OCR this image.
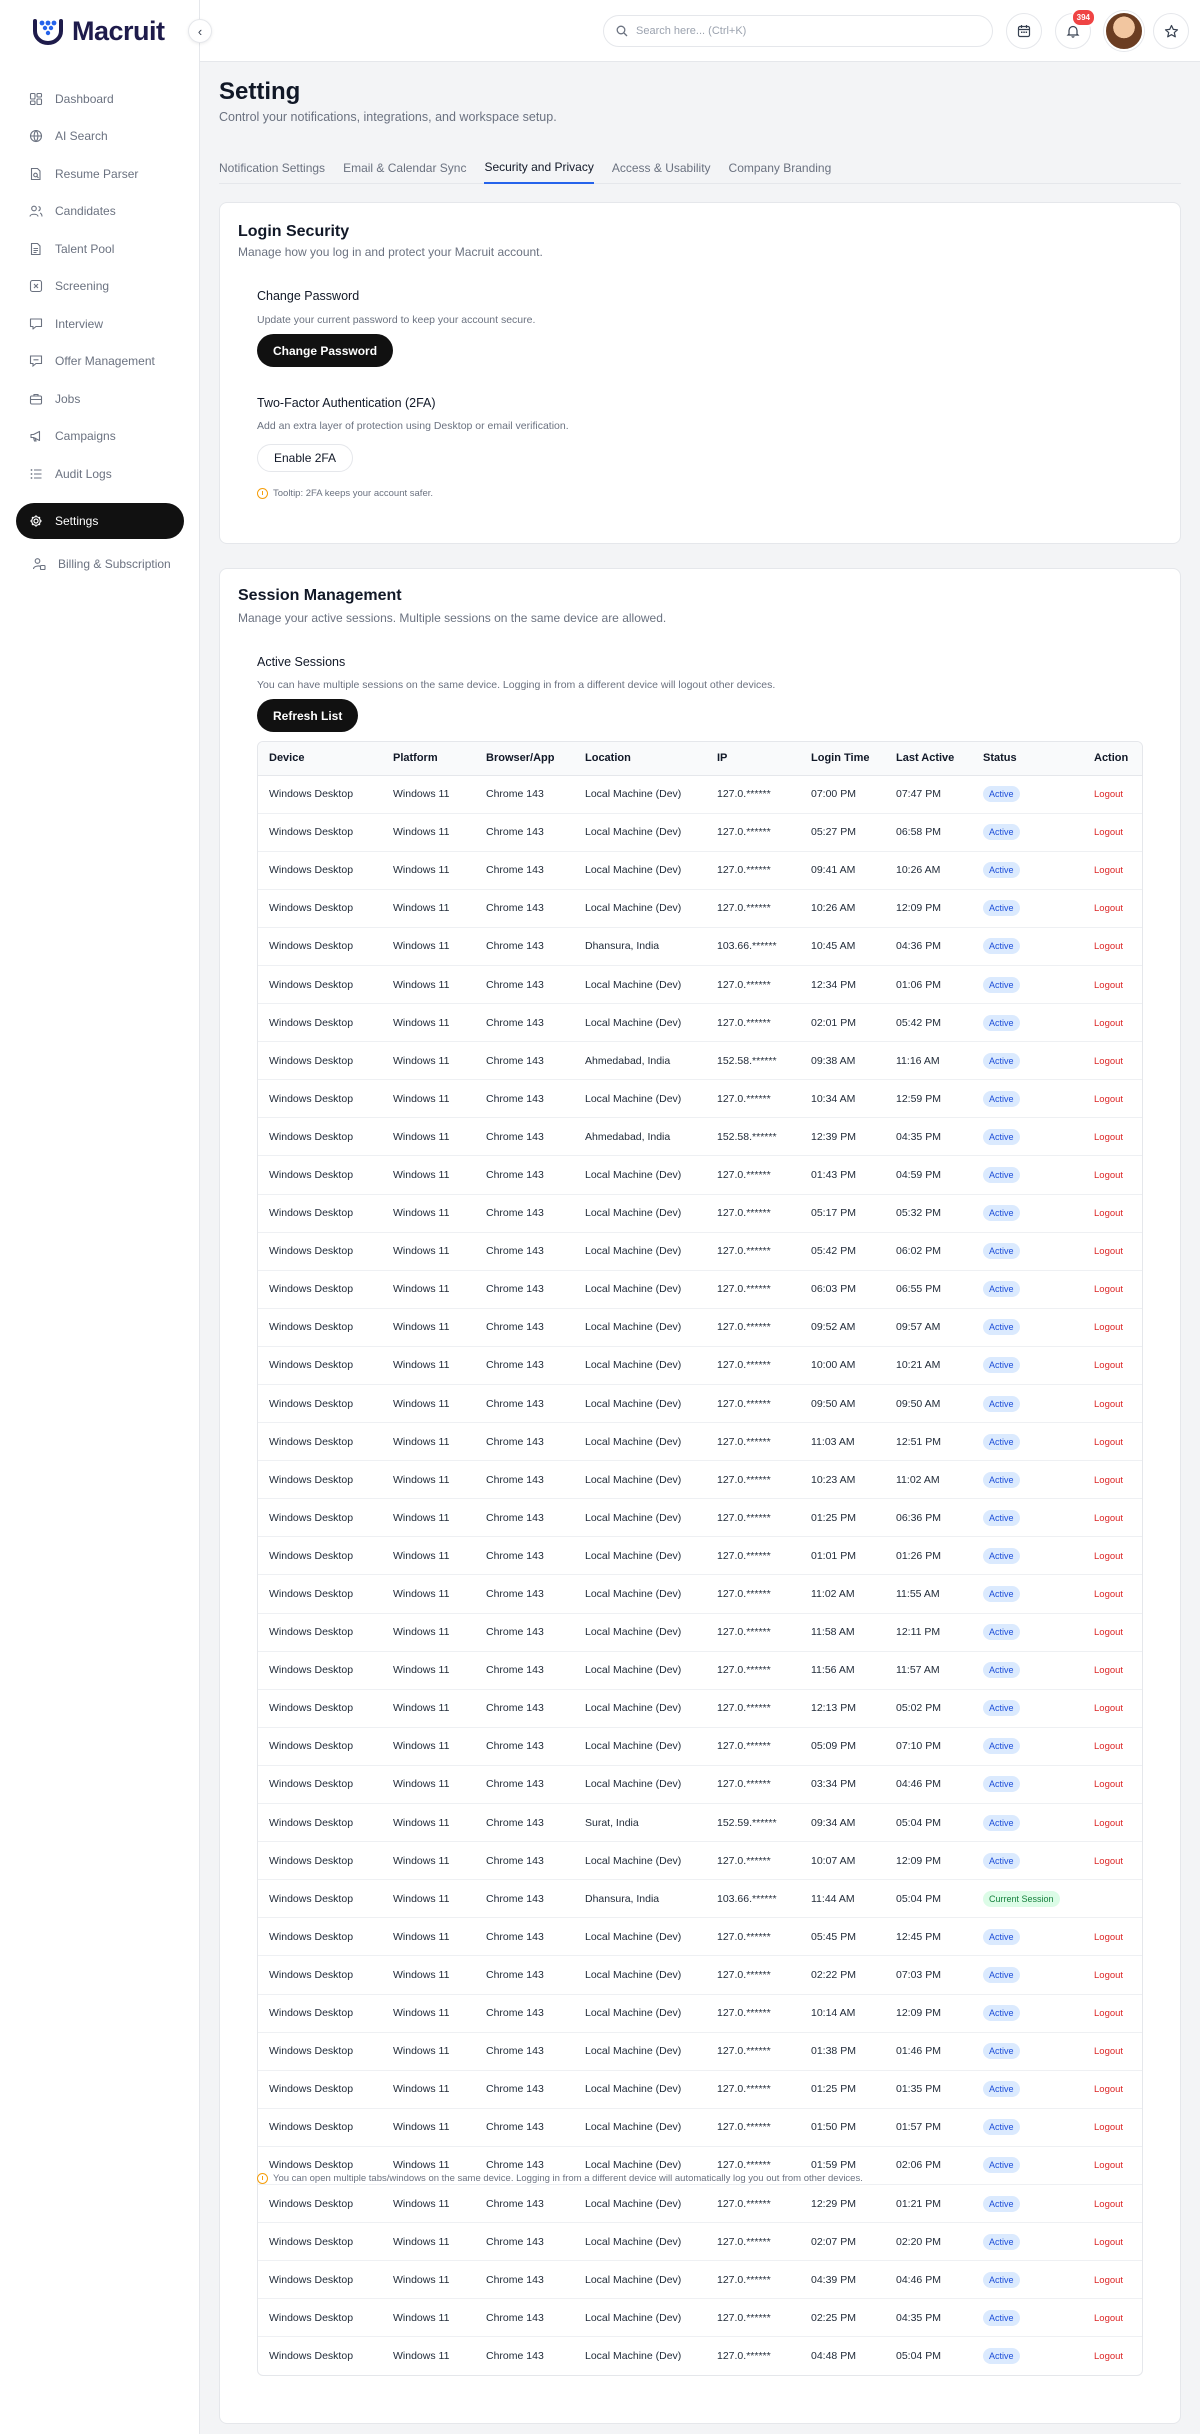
Macruit
Dashboard
AI Search
Resume Parser
Candidates
Talent Pool
Screening
Interview
Offer Management
Jobs
Campaigns
Audit Logs
Settings
Billing & Subscription
‹	Search here... (Ctrl+K)
394
Setting

Control your notifications, integrations, and workspace setup.

Notification Settings Email & Calendar Sync Security and Privacy Access & Usability Company Branding
Login Security

Manage how you log in and protect your Macruit account.

Change Password
Update your current password to keep your account secure.
Change Password
Two-Factor Authentication (2FA)
Add an extra layer of protection using Desktop or email verification.
Enable 2FA
Tooltip: 2FA keeps your account safer.
Session Management

Manage your active sessions. Multiple sessions on the same device are allowed.

Active Sessions
You can have multiple sessions on the same device. Logging in from a different device will logout other devices.
Refresh List
Device	Platform	Browser/App	Location	IP	Login Time	Last Active	Status	Action
Windows Desktop	Windows 11	Chrome 143	Local Machine (Dev)	127.0.******	07:00 PM	07:47 PM	Active	Logout
Windows Desktop	Windows 11	Chrome 143	Local Machine (Dev)	127.0.******	05:27 PM	06:58 PM	Active	Logout
Windows Desktop	Windows 11	Chrome 143	Local Machine (Dev)	127.0.******	09:41 AM	10:26 AM	Active	Logout
Windows Desktop	Windows 11	Chrome 143	Local Machine (Dev)	127.0.******	10:26 AM	12:09 PM	Active	Logout
Windows Desktop	Windows 11	Chrome 143	Dhansura, India	103.66.******	10:45 AM	04:36 PM	Active	Logout
Windows Desktop	Windows 11	Chrome 143	Local Machine (Dev)	127.0.******	12:34 PM	01:06 PM	Active	Logout
Windows Desktop	Windows 11	Chrome 143	Local Machine (Dev)	127.0.******	02:01 PM	05:42 PM	Active	Logout
Windows Desktop	Windows 11	Chrome 143	Ahmedabad, India	152.58.******	09:38 AM	11:16 AM	Active	Logout
Windows Desktop	Windows 11	Chrome 143	Local Machine (Dev)	127.0.******	10:34 AM	12:59 PM	Active	Logout
Windows Desktop	Windows 11	Chrome 143	Ahmedabad, India	152.58.******	12:39 PM	04:35 PM	Active	Logout
Windows Desktop	Windows 11	Chrome 143	Local Machine (Dev)	127.0.******	01:43 PM	04:59 PM	Active	Logout
Windows Desktop	Windows 11	Chrome 143	Local Machine (Dev)	127.0.******	05:17 PM	05:32 PM	Active	Logout
Windows Desktop	Windows 11	Chrome 143	Local Machine (Dev)	127.0.******	05:42 PM	06:02 PM	Active	Logout
Windows Desktop	Windows 11	Chrome 143	Local Machine (Dev)	127.0.******	06:03 PM	06:55 PM	Active	Logout
Windows Desktop	Windows 11	Chrome 143	Local Machine (Dev)	127.0.******	09:52 AM	09:57 AM	Active	Logout
Windows Desktop	Windows 11	Chrome 143	Local Machine (Dev)	127.0.******	10:00 AM	10:21 AM	Active	Logout
Windows Desktop	Windows 11	Chrome 143	Local Machine (Dev)	127.0.******	09:50 AM	09:50 AM	Active	Logout
Windows Desktop	Windows 11	Chrome 143	Local Machine (Dev)	127.0.******	11:03 AM	12:51 PM	Active	Logout
Windows Desktop	Windows 11	Chrome 143	Local Machine (Dev)	127.0.******	10:23 AM	11:02 AM	Active	Logout
Windows Desktop	Windows 11	Chrome 143	Local Machine (Dev)	127.0.******	01:25 PM	06:36 PM	Active	Logout
Windows Desktop	Windows 11	Chrome 143	Local Machine (Dev)	127.0.******	01:01 PM	01:26 PM	Active	Logout
Windows Desktop	Windows 11	Chrome 143	Local Machine (Dev)	127.0.******	11:02 AM	11:55 AM	Active	Logout
Windows Desktop	Windows 11	Chrome 143	Local Machine (Dev)	127.0.******	11:58 AM	12:11 PM	Active	Logout
Windows Desktop	Windows 11	Chrome 143	Local Machine (Dev)	127.0.******	11:56 AM	11:57 AM	Active	Logout
Windows Desktop	Windows 11	Chrome 143	Local Machine (Dev)	127.0.******	12:13 PM	05:02 PM	Active	Logout
Windows Desktop	Windows 11	Chrome 143	Local Machine (Dev)	127.0.******	05:09 PM	07:10 PM	Active	Logout
Windows Desktop	Windows 11	Chrome 143	Local Machine (Dev)	127.0.******	03:34 PM	04:46 PM	Active	Logout
Windows Desktop	Windows 11	Chrome 143	Surat, India	152.59.******	09:34 AM	05:04 PM	Active	Logout
Windows Desktop	Windows 11	Chrome 143	Local Machine (Dev)	127.0.******	10:07 AM	12:09 PM	Active	Logout
Windows Desktop	Windows 11	Chrome 143	Dhansura, India	103.66.******	11:44 AM	05:04 PM	Current Session	
Windows Desktop	Windows 11	Chrome 143	Local Machine (Dev)	127.0.******	05:45 PM	12:45 PM	Active	Logout
Windows Desktop	Windows 11	Chrome 143	Local Machine (Dev)	127.0.******	02:22 PM	07:03 PM	Active	Logout
Windows Desktop	Windows 11	Chrome 143	Local Machine (Dev)	127.0.******	10:14 AM	12:09 PM	Active	Logout
Windows Desktop	Windows 11	Chrome 143	Local Machine (Dev)	127.0.******	01:38 PM	01:46 PM	Active	Logout
Windows Desktop	Windows 11	Chrome 143	Local Machine (Dev)	127.0.******	01:25 PM	01:35 PM	Active	Logout
Windows Desktop	Windows 11	Chrome 143	Local Machine (Dev)	127.0.******	01:50 PM	01:57 PM	Active	Logout
Windows Desktop	Windows 11	Chrome 143	Local Machine (Dev)	127.0.******	01:59 PM	02:06 PM	Active	Logout
Windows Desktop	Windows 11	Chrome 143	Local Machine (Dev)	127.0.******	12:29 PM	01:21 PM	Active	Logout
Windows Desktop	Windows 11	Chrome 143	Local Machine (Dev)	127.0.******	02:07 PM	02:20 PM	Active	Logout
Windows Desktop	Windows 11	Chrome 143	Local Machine (Dev)	127.0.******	04:39 PM	04:46 PM	Active	Logout
Windows Desktop	Windows 11	Chrome 143	Local Machine (Dev)	127.0.******	02:25 PM	04:35 PM	Active	Logout
Windows Desktop	Windows 11	Chrome 143	Local Machine (Dev)	127.0.******	04:48 PM	05:04 PM	Active	Logout
You can open multiple tabs/windows on the same device. Logging in from a different device will automatically log you out from other devices.
